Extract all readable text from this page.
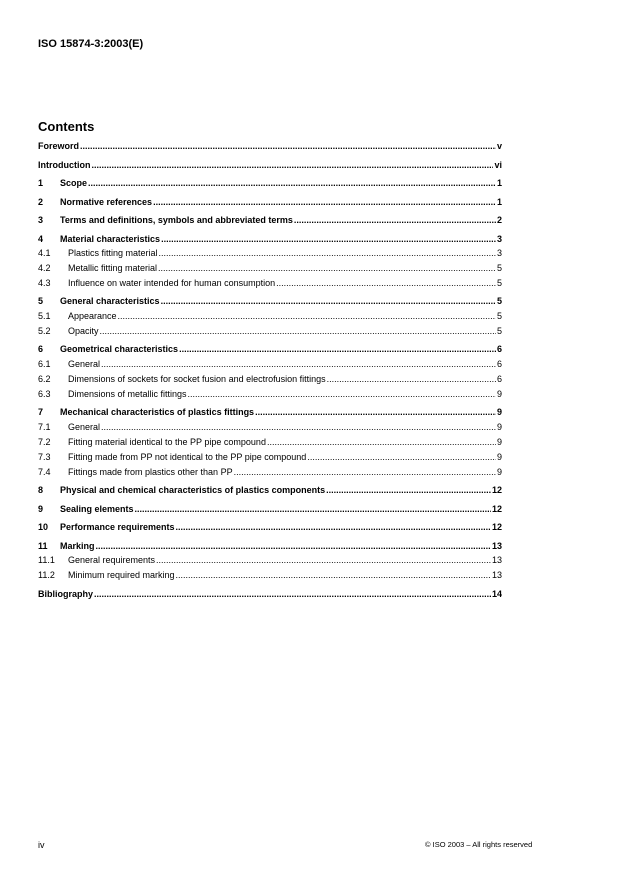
ISO 15874-3:2003(E)
Contents
Foreword .....	v
Introduction .....	vi
1	Scope .....	1
2	Normative references .....	1
3	Terms and definitions, symbols and abbreviated terms .....	2
4	Material characteristics .....	3
4.1	Plastics fitting material .....	3
4.2	Metallic fitting material .....	5
4.3	Influence on water intended for human consumption .....	5
5	General characteristics .....	5
5.1	Appearance .....	5
5.2	Opacity .....	5
6	Geometrical characteristics .....	6
6.1	General .....	6
6.2	Dimensions of sockets for socket fusion and electrofusion fittings .....	6
6.3	Dimensions of metallic fittings .....	9
7	Mechanical characteristics of plastics fittings .....	9
7.1	General .....	9
7.2	Fitting material identical to the PP pipe compound .....	9
7.3	Fitting made from PP not identical to the PP pipe compound .....	9
7.4	Fittings made from plastics other than PP .....	9
8	Physical and chemical characteristics of plastics components .....	12
9	Sealing elements .....	12
10	Performance requirements .....	12
11	Marking .....	13
11.1	General requirements .....	13
11.2	Minimum required marking .....	13
Bibliography .....	14
iv	© ISO 2003 – All rights reserved
